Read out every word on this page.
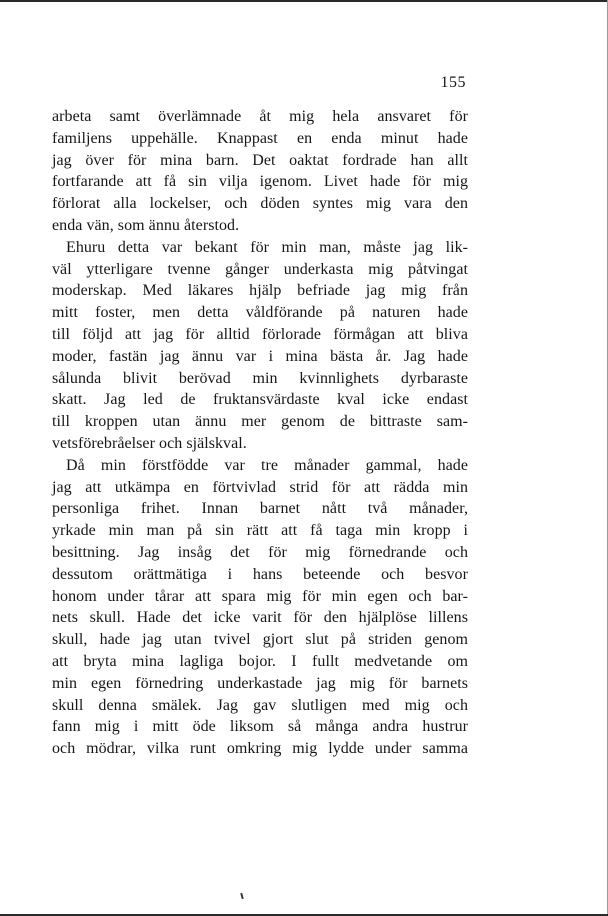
155
arbeta samt överlämnade åt mig hela ansvaret för
familjens uppehälle. Knappast en enda minut hade
jag över för mina barn. Det oaktat fordrade han allt
fortfarande att få sin vilja igenom. Livet hade för mig
förlorat alla lockelser, och döden syntes mig vara den
enda vän, som ännu återstod.
Ehuru detta var bekant för min man, måste jag lik-
väl ytterligare tvenne gånger underkasta mig påtvingat
moderskap. Med läkares hjälp befriade jag mig från
mitt foster, men detta våldförande på naturen hade
till följd att jag för alltid förlorade förmågan att bliva
moder, fastän jag ännu var i mina bästa år. Jag hade
sålunda blivit berövad min kvinnlighets dyrbaraste
skatt. Jag led de fruktansvärdaste kval icke endast
till kroppen utan ännu mer genom de bittraste sam-
vetsförebråelser och själskval.
Då min förstfödde var tre månader gammal, hade
jag att utkämpa en förtvivlad strid för att rädda min
personliga frihet. Innan barnet nått två månader,
yrkade min man på sin rätt att få taga min kropp i
besittning. Jag insåg det för mig förnedrande och
dessutom orättmätiga i hans beteende och besvor
honom under tårar att spara mig för min egen och bar-
nets skull. Hade det icke varit för den hjälplöse lillens
skull, hade jag utan tvivel gjort slut på striden genom
att bryta mina lagliga bojor. I fullt medvetande om
min egen förnedring underkastade jag mig för barnets
skull denna smälek. Jag gav slutligen med mig och
fann mig i mitt öde liksom så många andra hustrur
och mödrar, vilka runt omkring mig lydde under samma
